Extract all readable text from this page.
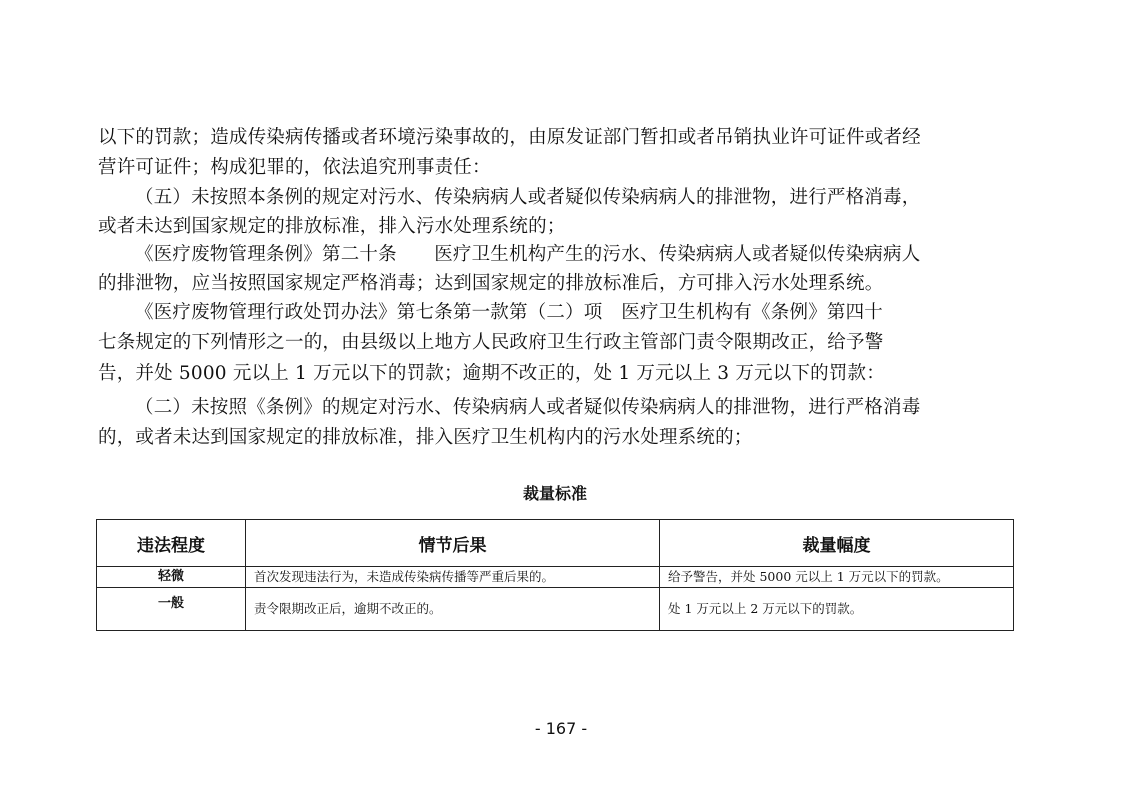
以下的罚款；造成传染病传播或者环境污染事故的，由原发证部门暂扣或者吊销执业许可证件或者经
营许可证件；构成犯罪的，依法追究刑事责任：
（五）未按照本条例的规定对污水、传染病病人或者疑似传染病病人的排泄物，进行严格消毒，
或者未达到国家规定的排放标准，排入污水处理系统的；
《医疗废物管理条例》第二十条　　医疗卫生机构产生的污水、传染病病人或者疑似传染病病人
的排泄物，应当按照国家规定严格消毒；达到国家规定的排放标准后，方可排入污水处理系统。
《医疗废物管理行政处罚办法》第七条第一款第（二）项　医疗卫生机构有《条例》第四十
七条规定的下列情形之一的，由县级以上地方人民政府卫生行政主管部门责令限期改正，给予警
告，并处 5000 元以上 1 万元以下的罚款；逾期不改正的，处 1 万元以上 3 万元以下的罚款：
（二）未按照《条例》的规定对污水、传染病病人或者疑似传染病病人的排泄物，进行严格消毒
的，或者未达到国家规定的排放标准，排入医疗卫生机构内的污水处理系统的；
裁量标准
违法程度	情节后果	裁量幅度
轻微	首次发现违法行为，未造成传染病传播等严重后果的。	给予警告，并处 5000 元以上 1 万元以下的罚款。
一般	责令限期改正后，逾期不改正的。	处 1 万元以上 2 万元以下的罚款。
- 167 -
